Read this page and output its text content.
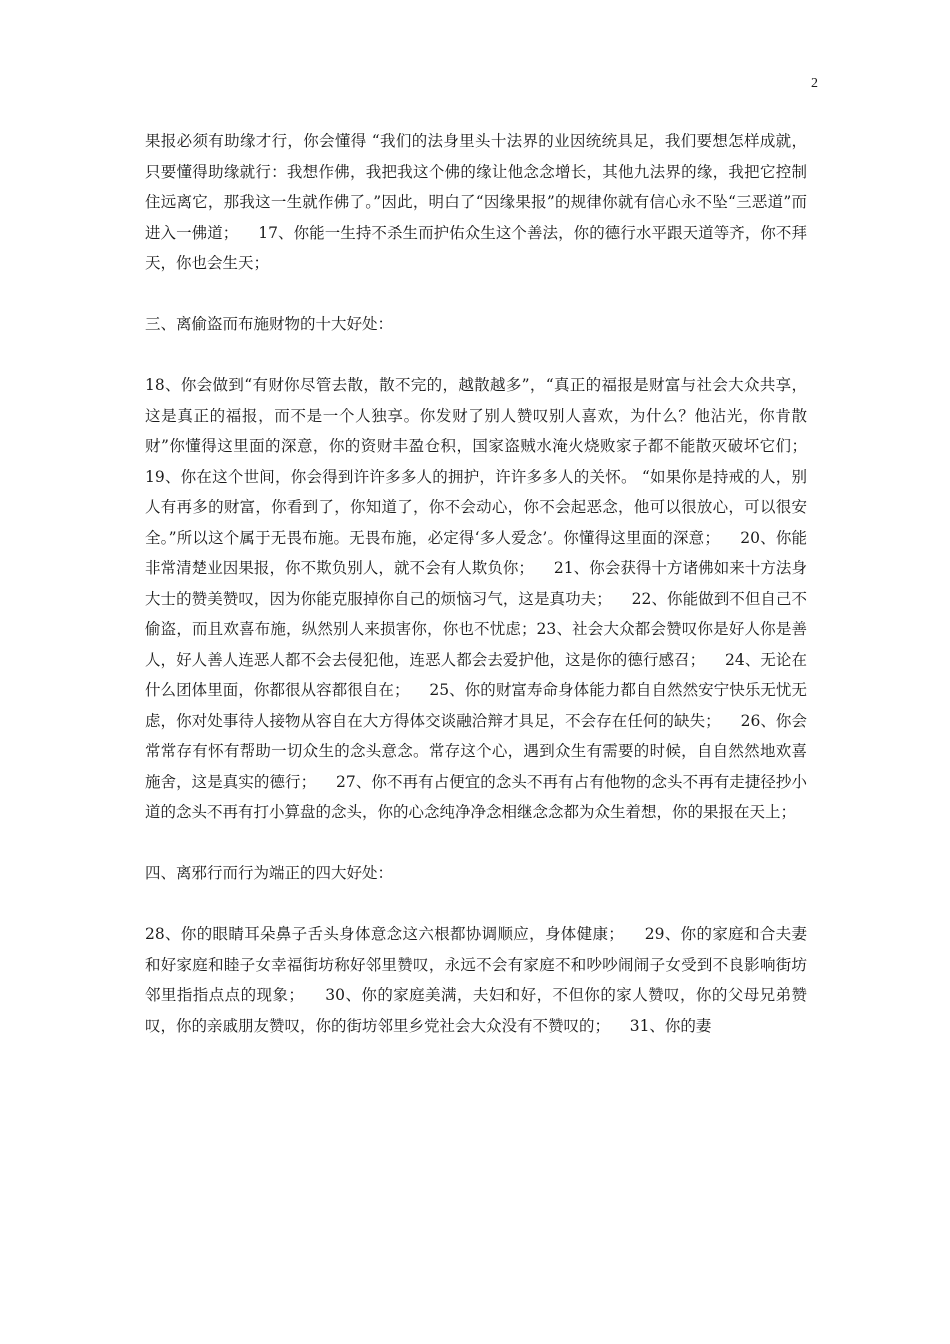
2

果报必须有助缘才行，你会懂得 “我们的法身里头十法界的业因统统具足，我们要想怎样成就，只要懂得助缘就行：我想作佛，我把我这个佛的缘让他念念增长，其他九法界的缘，我把它控制住远离它，那我这一生就作佛了。”因此，明白了“因缘果报”的规律你就有信心永不坠“三恶道”而进入一佛道；    17、你能一生持不杀生而护佑众生这个善法，你的德行水平跟天道等齐，你不拜天，你也会生天；

三、离偷盗而布施财物的十大好处：

18、你会做到“有财你尽管去散，散不完的，越散越多”，“真正的福报是财富与社会大众共享，这是真正的福报，而不是一个人独享。你发财了别人赞叹别人喜欢，为什么？他沾光，你肯散财”你懂得这里面的深意，你的资财丰盈仓积，国家盗贼水淹火烧败家子都不能散灭破坏它们；    19、你在这个世间，你会得到许许多多人的拥护，许许多多人的关怀。 “如果你是持戒的人，别人有再多的财富，你看到了，你知道了，你不会动心，你不会起恶念，他可以很放心，可以很安全。”所以这个属于无畏布施。无畏布施，必定得‘多人爱念’。你懂得这里面的深意；    20、你能非常清楚业因果报，你不欺负别人，就不会有人欺负你；    21、你会获得十方诸佛如来十方法身大士的赞美赞叹，因为你能克服掉你自己的烦恼习气，这是真功夫；    22、你能做到不但自己不偷盗，而且欢喜布施，纵然别人来损害你，你也不忧虑；23、社会大众都会赞叹你是好人你是善人，好人善人连恶人都不会去侵犯他，连恶人都会去爱护他，这是你的德行感召；    24、无论在什么团体里面，你都很从容都很自在；    25、你的财富寿命身体能力都自自然然安宁快乐无忧无虑，你对处事待人接物从容自在大方得体交谈融洽辩才具足，不会存在任何的缺失；    26、你会常常存有怀有帮助一切众生的念头意念。常存这个心，遇到众生有需要的时候，自自然然地欢喜施舍，这是真实的德行；    27、你不再有占便宜的念头不再有占有他物的念头不再有走捷径抄小道的念头不再有打小算盘的念头，你的心念纯净净念相继念念都为众生着想，你的果报在天上；

四、离邪行而行为端正的四大好处：

28、你的眼睛耳朵鼻子舌头身体意念这六根都协调顺应，身体健康；    29、你的家庭和合夫妻和好家庭和睦子女幸福街坊称好邻里赞叹，永远不会有家庭不和吵吵闹闹子女受到不良影响街坊邻里指指点点的现象；    30、你的家庭美满，夫妇和好，不但你的家人赞叹，你的父母兄弟赞叹，你的亲戚朋友赞叹，你的街坊邻里乡党社会大众没有不赞叹的；    31、你的妻
